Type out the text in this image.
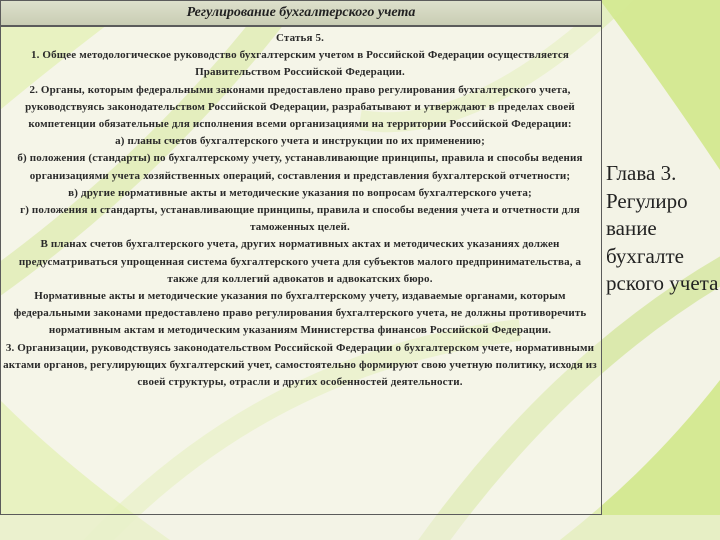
Регулирование бухгалтерского учета

Статья 5.

1. Общее методологическое руководство бухгалтерским учетом в Российской Федерации осуществляется Правительством Российской Федерации.

2. Органы, которым федеральными законами предоставлено право регулирования бухгалтерского учета, руководствуясь законодательством Российской Федерации, разрабатывают и утверждают в пределах своей компетенции обязательные для исполнения всеми организациями на территории Российской Федерации:

а) планы счетов бухгалтерского учета и инструкции по их применению;

б) положения (стандарты) по бухгалтерскому учету, устанавливающие принципы, правила и способы ведения организациями учета хозяйственных операций, составления и представления бухгалтерской отчетности;

в) другие нормативные акты и методические указания по вопросам бухгалтерского учета;

г) положения и стандарты, устанавливающие принципы, правила и способы ведения учета и отчетности для таможенных целей.

В планах счетов бухгалтерского учета, других нормативных актах и методических указаниях должен предусматриваться упрощенная система бухгалтерского учета для субъектов малого предпринимательства, а также для коллегий адвокатов и адвокатских бюро.

Нормативные акты и методические указания по бухгалтерскому учету, издаваемые органами, которым федеральными законами предоставлено право регулирования бухгалтерского учета, не должны противоречить нормативным актам и методическим указаниям Министерства финансов Российской Федерации.

3. Организации, руководствуясь законодательством Российской Федерации о бухгалтерском учете, нормативными актами органов, регулирующих бухгалтерский учет, самостоятельно формируют свою учетную политику, исходя из своей структуры, отрасли и других особенностей деятельности.

Глава 3. Регулиро вание бухгалте рского учета
